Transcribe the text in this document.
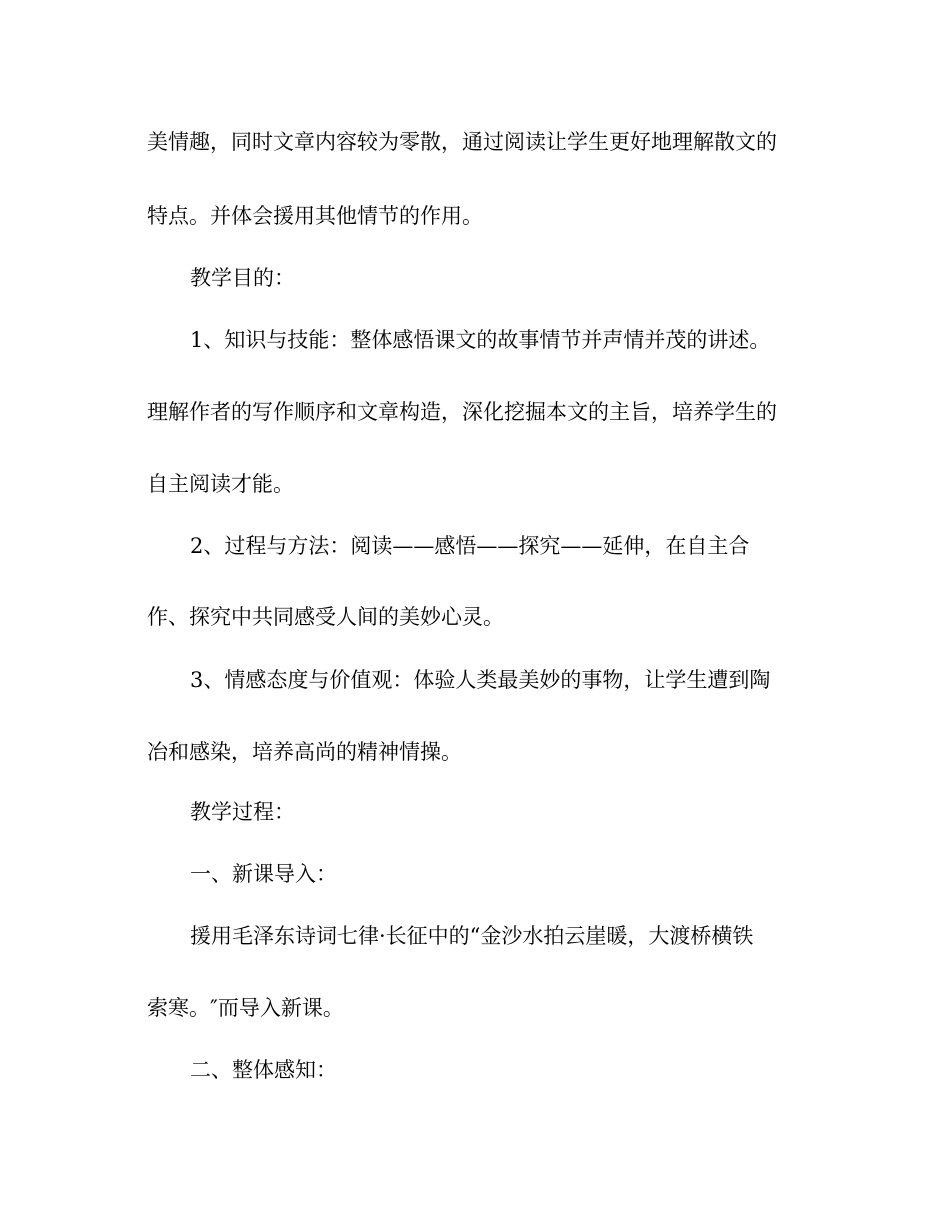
美情趣，同时文章内容较为零散，通过阅读让学生更好地理解散文的
特点。并体会援用其他情节的作用。
教学目的：
1、知识与技能：整体感悟课文的故事情节并声情并茂的讲述。
理解作者的写作顺序和文章构造，深化挖掘本文的主旨，培养学生的
自主阅读才能。
2、过程与方法：阅读——感悟——探究——延伸，在自主合
作、探究中共同感受人间的美妙心灵。
3、情感态度与价值观：体验人类最美妙的事物，让学生遭到陶
冶和感染，培养高尚的精神情操。
教学过程：
一、新课导入：
援用毛泽东诗词七律·长征中的“金沙水拍云崖暖，大渡桥横铁
索寒。″而导入新课。
二、整体感知：
